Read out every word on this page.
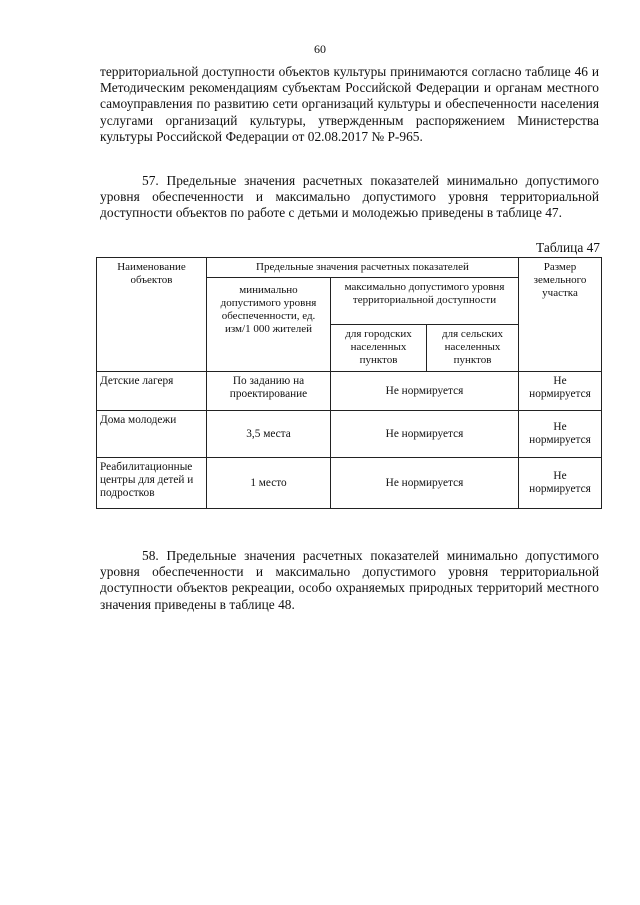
60

территориальной доступности объектов культуры принимаются согласно таблице 46 и Методическим рекомендациям субъектам Российской Федерации и органам местного самоуправления по развитию сети организаций культуры и обеспеченности населения услугами организаций культуры, утвержденным распоряжением Министерства культуры Российской Федерации от 02.08.2017 № Р-965.

57. Предельные значения расчетных показателей минимально допустимого уровня обеспеченности и максимально допустимого уровня территориальной доступности объектов по работе с детьми и молодежью приведены в таблице 47.

Таблица 47
Наименование объектов	Предельные значения расчетных показателей			Размер земельного участка
	минимально допустимого уровня обеспеченности, ед. изм/1 000 жителей	максимально допустимого уровня территориальной доступности		
		для городских населенных пунктов	для сельских населенных пунктов	
Детские лагеря	По заданию на проектирование	Не нормируется		Не нормируется
Дома молодежи	3,5 места	Не нормируется		Не нормируется
Реабилитационные центры для детей и подростков	1 место	Не нормируется		Не нормируется

58. Предельные значения расчетных показателей минимально допустимого уровня обеспеченности и максимально допустимого уровня территориальной доступности объектов рекреации, особо охраняемых природных территорий местного значения приведены в таблице 48.
